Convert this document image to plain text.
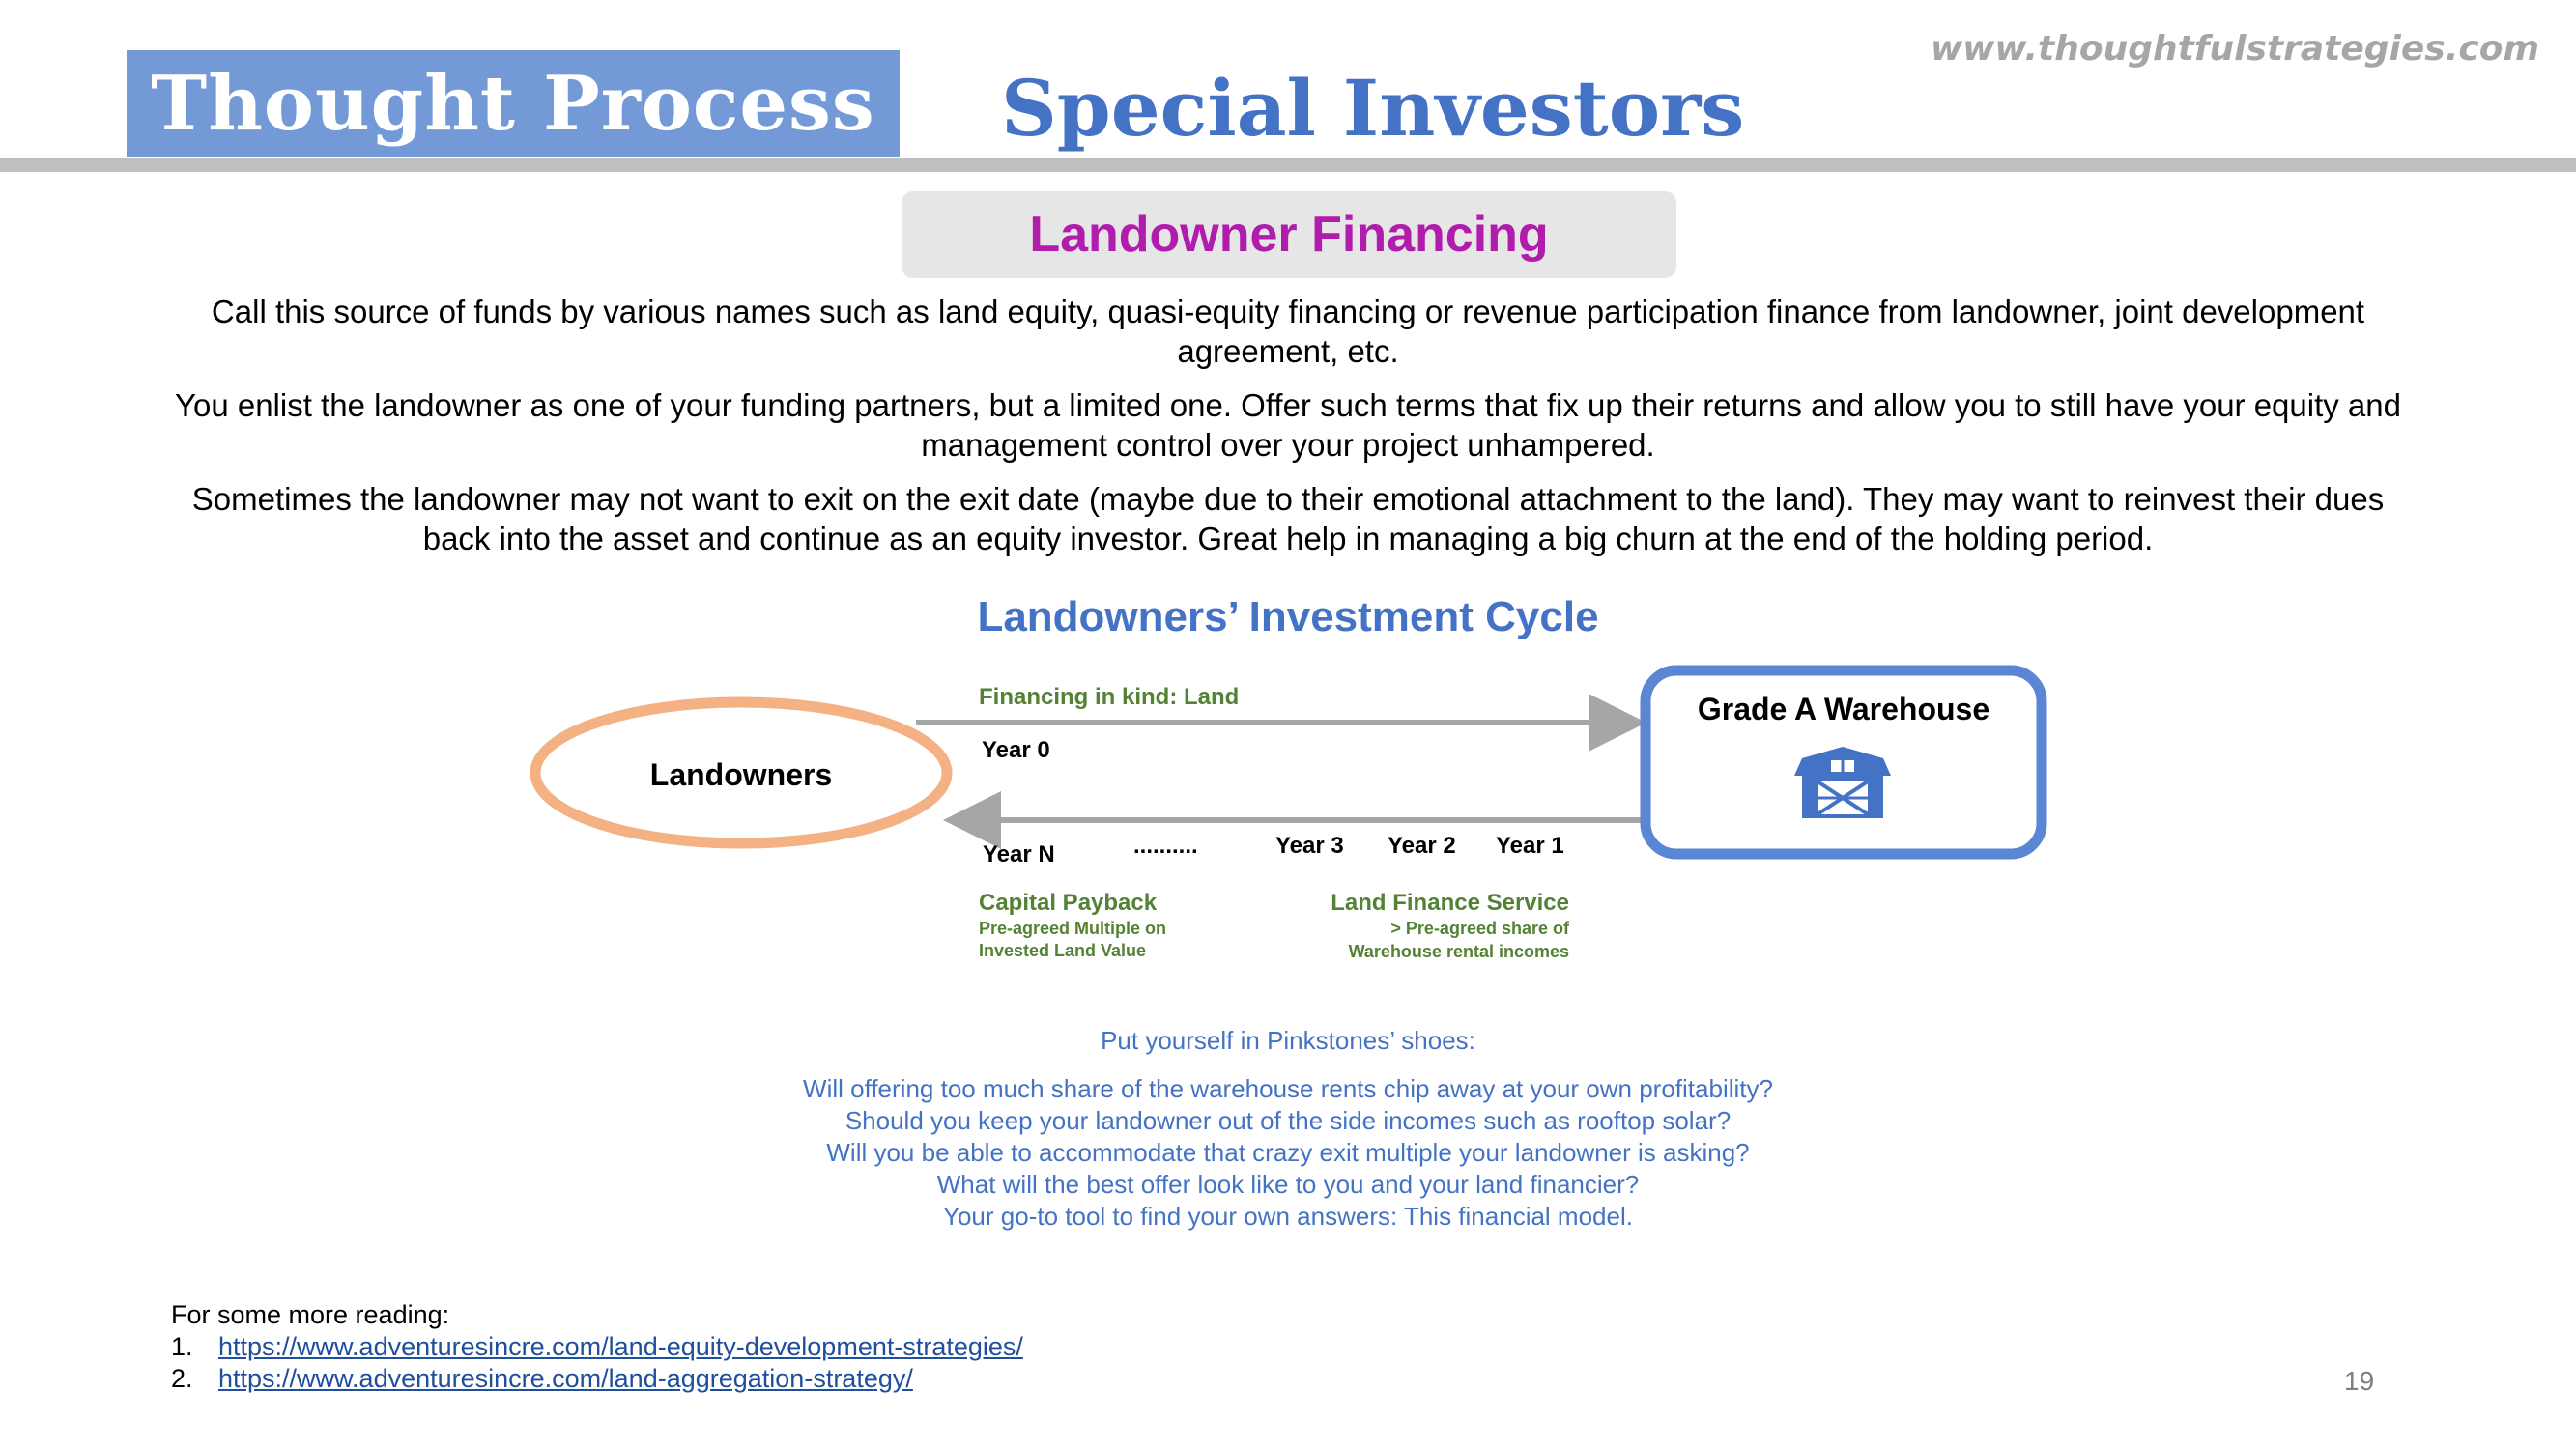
Thought Process	Special Investors
www.thoughtfulstrategies.com
Landowner Financing
Call this source of funds by various names such as land equity, quasi-equity financing or revenue participation finance from landowner, joint development agreement, etc.
You enlist the landowner as one of your funding partners, but a limited one. Offer such terms that fix up their returns and allow you to still have your equity and management control over your project unhampered.
Sometimes the landowner may not want to exit on the exit date (maybe due to their emotional attachment to the land). They may want to reinvest their dues back into the asset and continue as an equity investor. Great help in managing a big churn at the end of the holding period.
Landowners’ Investment Cycle
Landowners
Grade A Warehouse
Financing in kind: Land
Year 0
Year N	..........	Year 3 Year 2 Year 1
Capital Payback
Pre-agreed Multiple on
Invested Land Value
Land Finance Service
> Pre-agreed share of
Warehouse rental incomes
Put yourself in Pinkstones’ shoes:
Will offering too much share of the warehouse rents chip away at your own profitability?
Should you keep your landowner out of the side incomes such as rooftop solar?
Will you be able to accommodate that crazy exit multiple your landowner is asking?
What will the best offer look like to you and your land financier?
Your go-to tool to find your own answers: This financial model.
For some more reading:
1. https://www.adventuresincre.com/land-equity-development-strategies/
2. https://www.adventuresincre.com/land-aggregation-strategy/	19
